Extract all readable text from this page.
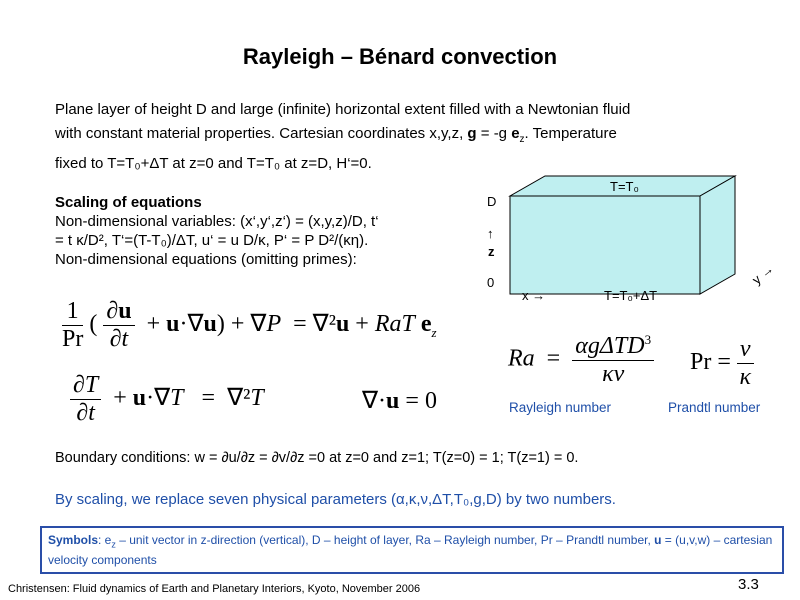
Rayleigh – Bénard convection
Plane layer of height D and large (infinite) horizontal extent filled with a Newtonian fluid
with constant material properties. Cartesian coordinates x,y,z, g = -g $e_z$. Temperature
fixed to T=T₀+ΔT at z=0 and T=T₀ at z=D, H‘=0.
Scaling of equations
Non-dimensional variables: (x‘,y‘,z‘) = (x,y,z)/D, t‘
= t κ/D², T‘=(T-T₀)/ΔT, u‘ = u D/κ, P‘ = P D²/(κη).
Non-dimensional equations (omitting primes):
T=T₀
T=T₀+ΔT
D
↑
z
0
x →
y →
$\frac{1}{Pr}$ ( $\frac{\partial u}{\partial t} + u\cdot\nabla u) + \nabla P = \nabla^2u$ + RaT $e_z$
$\frac{\partial T}{\partial t} + u\cdot\nabla T = \nabla^2T$	∇·u = 0
$Ra = \frac{\alpha g\Delta TD^3}{\kappa\nu}$ $Pr = \frac{\nu}{\kappa}$
Rayleigh number	Prandtl number
Boundary conditions: w = ∂u/∂z = ∂v/∂z =0 at z=0 and z=1; T(z=0) = 1; T(z=1) = 0.
By scaling, we replace seven physical parameters (α,κ,ν,ΔT,T₀,g,D) by two numbers.
Symbols: $e_z$ – unit vector in z-direction (vertical), D – height of layer, Ra – Rayleigh number, Pr – Prandtl number, u = (u,v,w) – cartesian velocity components
Christensen: Fluid dynamics of Earth and Planetary Interiors, Kyoto, November 2006	3.3
